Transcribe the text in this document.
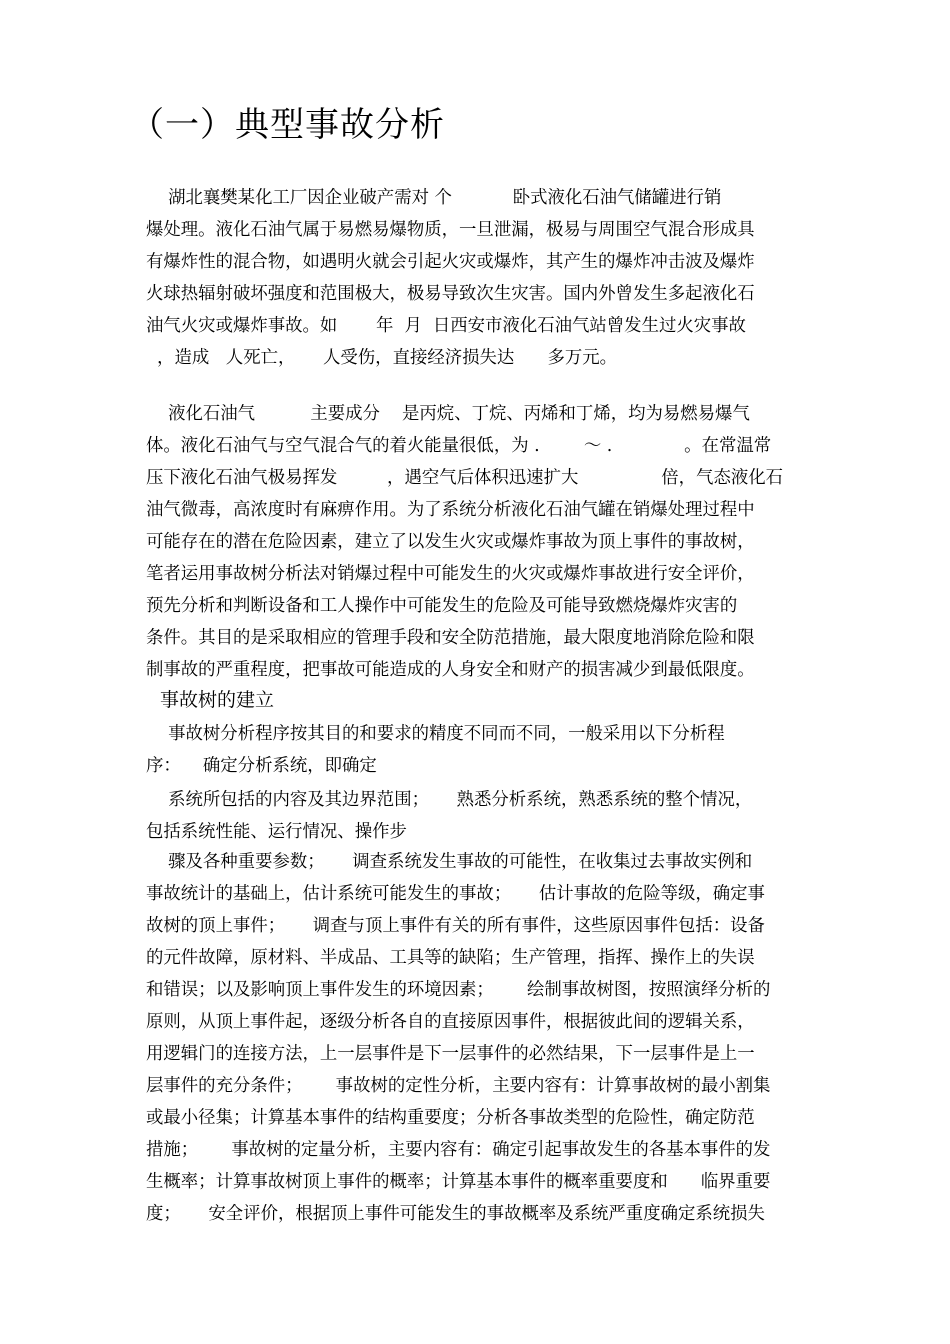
（一）典型事故分析
湖北襄樊某化工厂因企业破产需对 个           卧式液化石油气储罐进行销
爆处理。液化石油气属于易燃易爆物质，一旦泄漏，极易与周围空气混合形成具
有爆炸性的混合物，如遇明火就会引起火灾或爆炸，其产生的爆炸冲击波及爆炸
火球热辐射破坏强度和范围极大，极易导致次生灾害。国内外曾发生多起液化石
油气火灾或爆炸事故。如       年  月  日西安市液化石油气站曾发生过火灾事故
，造成   人死亡，     人受伤，直接经济损失达      多万元。
液化石油气          主要成分    是丙烷、丁烷、丙烯和丁烯，均为易燃易爆气
体。液化石油气与空气混合气的着火能量很低，为 .        ～ .             。在常温常
压下液化石油气极易挥发         ，遇空气后体积迅速扩大               倍，气态液化石
油气微毒，高浓度时有麻痹作用。为了系统分析液化石油气罐在销爆处理过程中
可能存在的潜在危险因素，建立了以发生火灾或爆炸事故为顶上事件的事故树，
笔者运用事故树分析法对销爆过程中可能发生的火灾或爆炸事故进行安全评价，
预先分析和判断设备和工人操作中可能发生的危险及可能导致燃烧爆炸灾害的
条件。其目的是采取相应的管理手段和安全防范措施，最大限度地消除危险和限
制事故的严重程度，把事故可能造成的人身安全和财产的损害减少到最低限度。
事故树的建立
事故树分析程序按其目的和要求的精度不同而不同，一般采用以下分析程
序：    确定分析系统，即确定
系统所包括的内容及其边界范围；     熟悉分析系统，熟悉系统的整个情况，
包括系统性能、运行情况、操作步
骤及各种重要参数；     调查系统发生事故的可能性，在收集过去事故实例和
事故统计的基础上，估计系统可能发生的事故；     估计事故的危险等级，确定事
故树的顶上事件；     调查与顶上事件有关的所有事件，这些原因事件包括：设备
的元件故障，原材料、半成品、工具等的缺陷；生产管理，指挥、操作上的失误
和错误；以及影响顶上事件发生的环境因素；      绘制事故树图，按照演绎分析的
原则，从顶上事件起，逐级分析各自的直接原因事件，根据彼此间的逻辑关系，
用逻辑门的连接方法，上一层事件是下一层事件的必然结果，下一层事件是上一
层事件的充分条件；      事故树的定性分析，主要内容有：计算事故树的最小割集
或最小径集；计算基本事件的结构重要度；分析各事故类型的危险性，确定防范
措施；      事故树的定量分析，主要内容有：确定引起事故发生的各基本事件的发
生概率；计算事故树顶上事件的概率；计算基本事件的概率重要度和      临界重要
度；     安全评价，根据顶上事件可能发生的事故概率及系统严重度确定系统损失
